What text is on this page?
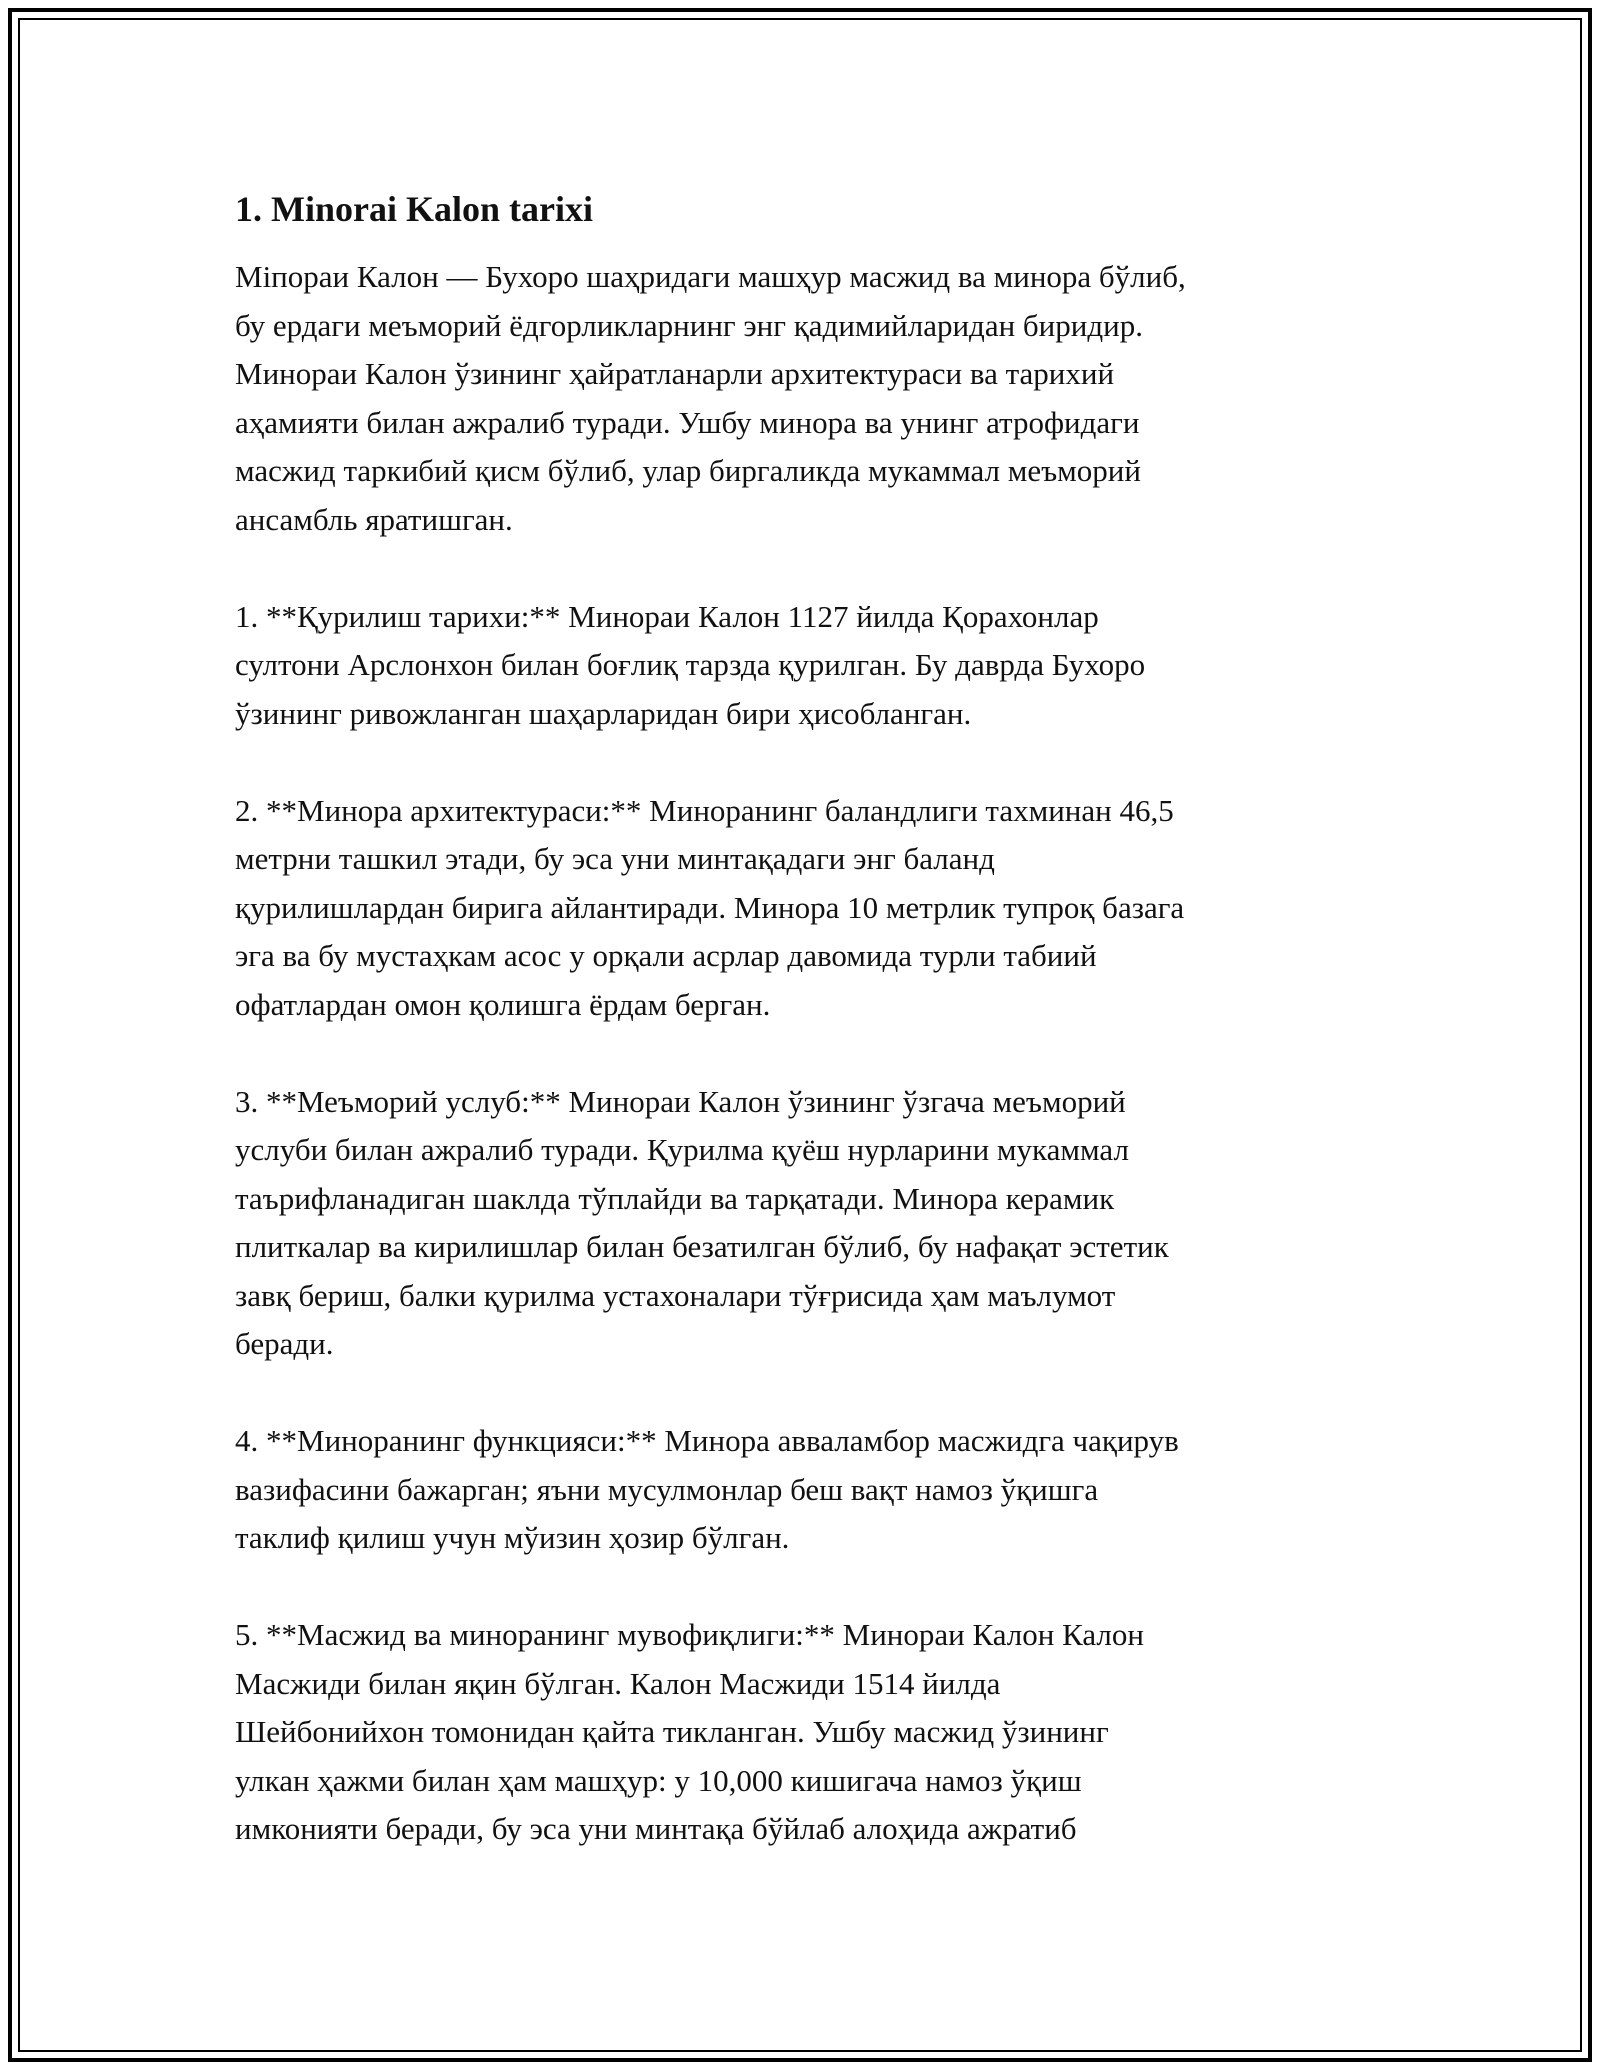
1. Minorai Kalon tarixi

Міпораи Калон — Бухоро шаҳридаги машҳур масжид ва минора бўлиб,
бу ердаги меъморий ёдгорликларнинг энг қадимийларидан биридир.
Минораи Калон ўзининг ҳайратланарли архитектураси ва тарихий
аҳамияти билан ажралиб туради. Ушбу минора ва унинг атрофидаги
масжид таркибий қисм бўлиб, улар биргаликда мукаммал меъморий
ансамбль яратишган.

1. **Қурилиш тарихи:** Минораи Калон 1127 йилда Қорахонлар
султони Арслонхон билан боғлиқ тарзда қурилган. Бу даврда Бухоро
ўзининг ривожланган шаҳарларидан бири ҳисобланган.

2. **Минора архитектураси:** Миноранинг баландлиги тахминан 46,5
метрни ташкил этади, бу эса уни минтақадаги энг баланд
қурилишлардан бирига айлантиради. Минора 10 метрлик тупроқ базага
эга ва бу мустаҳкам асос у орқали асрлар давомида турли табиий
офатлардан омон қолишга ёрдам берган.

3. **Меъморий услуб:** Минораи Калон ўзининг ўзгача меъморий
услуби билан ажралиб туради. Қурилма қуёш нурларини мукаммал
таърифланадиган шаклда тўплайди ва тарқатади. Минора керамик
плиткалар ва кирилишлар билан безатилган бўлиб, бу нафақат эстетик
завқ бериш, балки қурилма устахоналари тўғрисида ҳам маълумот
беради.

4. **Миноранинг функцияси:** Минора авваламбор масжидга чақирув
вазифасини бажарган; яъни мусулмонлар беш вақт намоз ўқишга
таклиф қилиш учун мўизин ҳозир бўлган.

5. **Масжид ва миноранинг мувофиқлиги:** Минораи Калон Калон
Масжиди билан яқин бўлган. Калон Масжиди 1514 йилда
Шейбонийхон томонидан қайта тикланган. Ушбу масжид ўзининг
улкан ҳажми билан ҳам машҳур: у 10,000 кишигача намоз ўқиш
имконияти беради, бу эса уни минтақа бўйлаб алоҳида ажратиб
